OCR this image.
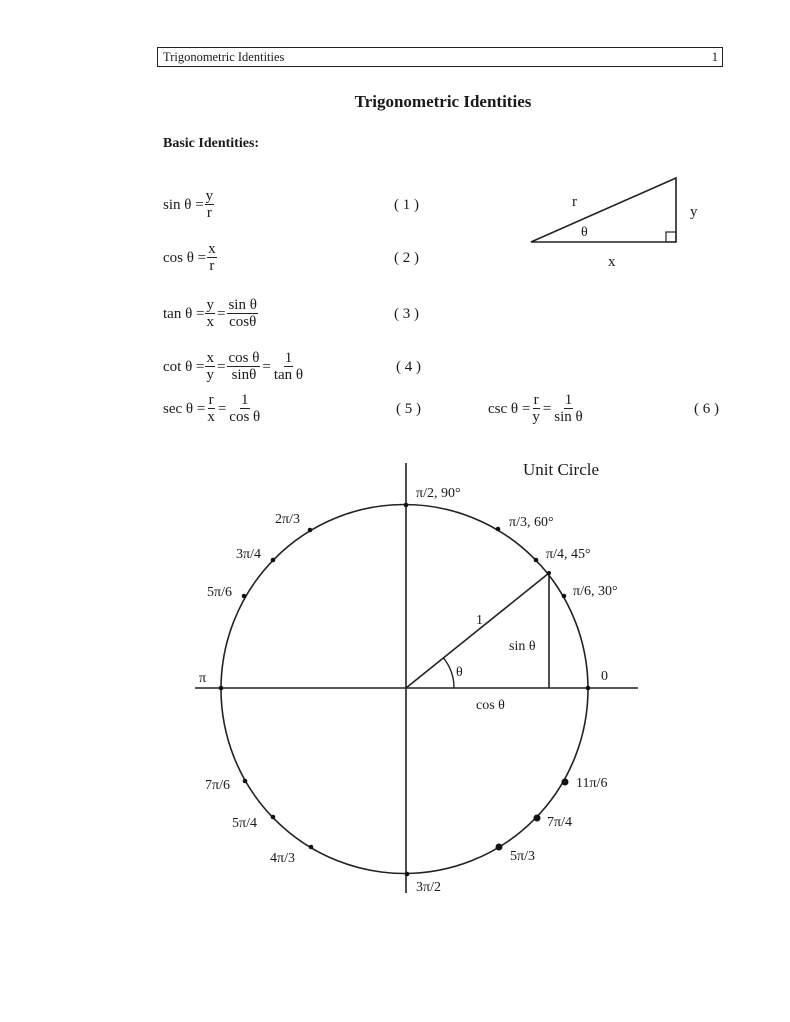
Trigonometric Identities	1
Trigonometric Identities
Basic Identities:
$\sin \theta = \frac{y}{r}$	( 1 )
$\cos \theta = \frac{x}{r}$	( 2 )
$\tan \theta = \frac{y}{x} = \frac{\text{sin θ}}{\cos\theta}$	( 3 )
$\cot \theta = \frac{x}{y} = \frac{\text{cos θ}}{\sin\theta} = \frac{1}{\text{tan θ}}$	( 4 )
$\sec \theta = \frac{r}{x} = \frac{1}{\text{cos θ}}$	( 5 )	$\csc \theta = \frac{r}{y} = \frac{1}{\text{sin θ}}$	( 6 )
r
y
x
θ
Unit Circle
1
θ
sin θ
cos θ
0
π/6, 30°
π/4, 45°
π/3, 60°
π/2, 90°
2π/3
3π/4
5π/6
π
7π/6
5π/4
4π/3
3π/2
5π/3
7π/4
11π/6
